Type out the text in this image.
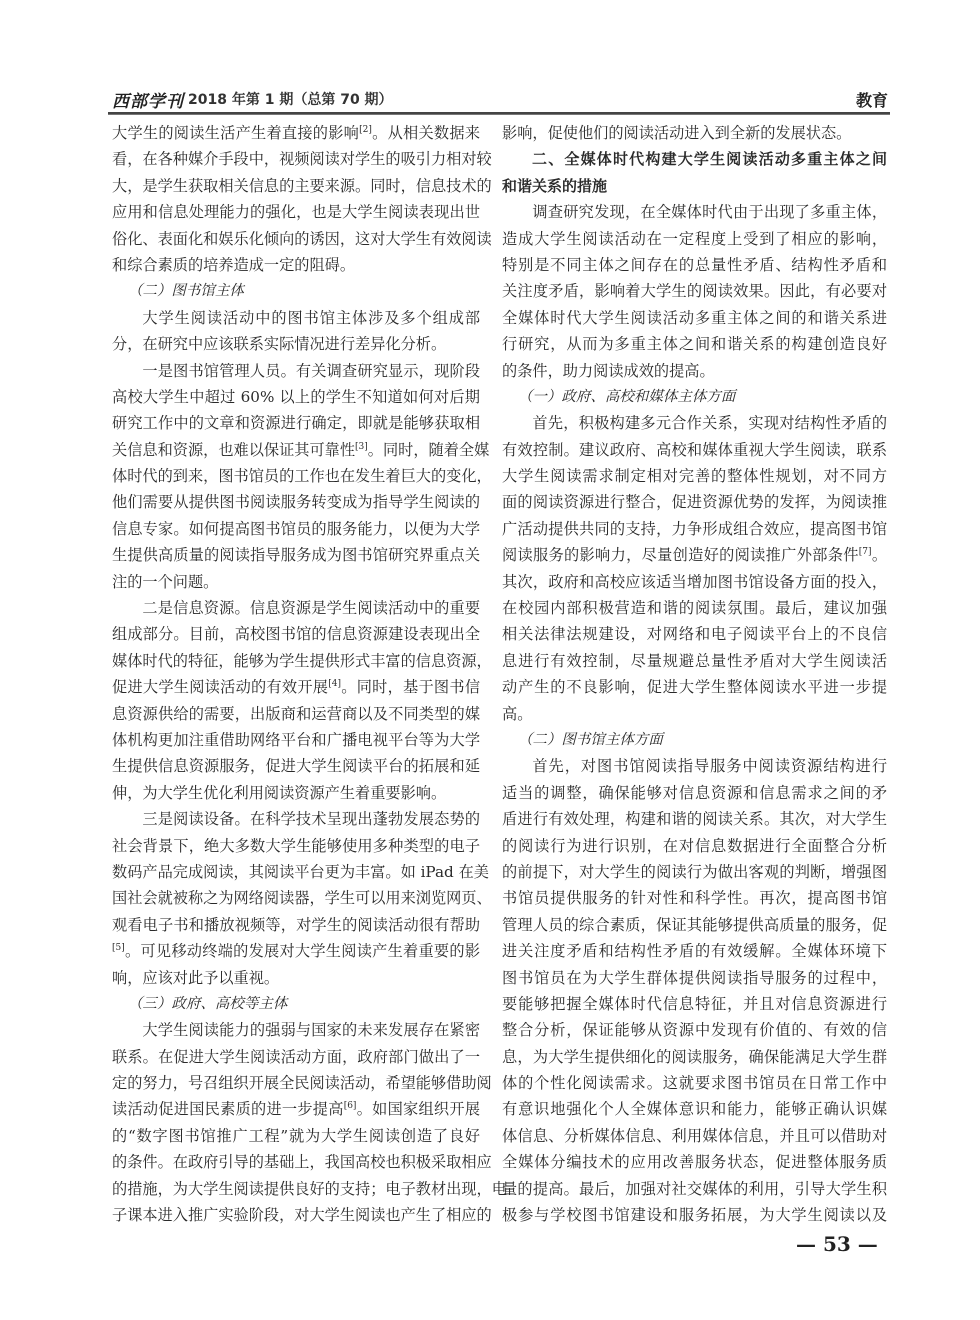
西部学刊 2018 年第 1 期（总第 70 期）	教育
大学生的阅读生活产生着直接的影响[2]。从相关数据来
看，在各种媒介手段中，视频阅读对学生的吸引力相对较
大，是学生获取相关信息的主要来源。同时，信息技术的
应用和信息处理能力的强化，也是大学生阅读表现出世
俗化、表面化和娱乐化倾向的诱因，这对大学生有效阅读
和综合素质的培养造成一定的阻碍。
（二）图书馆主体
大学生阅读活动中的图书馆主体涉及多个组成部
分，在研究中应该联系实际情况进行差异化分析。
一是图书馆管理人员。有关调查研究显示，现阶段
高校大学生中超过 60% 以上的学生不知道如何对后期
研究工作中的文章和资源进行确定，即就是能够获取相
关信息和资源，也难以保证其可靠性[3]。同时，随着全媒
体时代的到来，图书馆员的工作也在发生着巨大的变化，
他们需要从提供图书阅读服务转变成为指导学生阅读的
信息专家。如何提高图书馆员的服务能力，以便为大学
生提供高质量的阅读指导服务成为图书馆研究界重点关
注的一个问题。
二是信息资源。信息资源是学生阅读活动中的重要
组成部分。目前，高校图书馆的信息资源建设表现出全
媒体时代的特征，能够为学生提供形式丰富的信息资源，
促进大学生阅读活动的有效开展[4]。同时，基于图书信
息资源供给的需要，出版商和运营商以及不同类型的媒
体机构更加注重借助网络平台和广播电视平台等为大学
生提供信息资源服务，促进大学生阅读平台的拓展和延
伸，为大学生优化利用阅读资源产生着重要影响。
三是阅读设备。在科学技术呈现出蓬勃发展态势的
社会背景下，绝大多数大学生能够使用多种类型的电子
数码产品完成阅读，其阅读平台更为丰富。如 iPad 在美
国社会就被称之为网络阅读器，学生可以用来浏览网页、
观看电子书和播放视频等，对学生的阅读活动很有帮助
[5]。可见移动终端的发展对大学生阅读产生着重要的影
响，应该对此予以重视。
（三）政府、高校等主体
大学生阅读能力的强弱与国家的未来发展存在紧密
联系。在促进大学生阅读活动方面，政府部门做出了一
定的努力，号召组织开展全民阅读活动，希望能够借助阅
读活动促进国民素质的进一步提高[6]。如国家组织开展
的“数字图书馆推广工程”就为大学生阅读创造了良好
的条件。在政府引导的基础上，我国高校也积极采取相应
的措施，为大学生阅读提供良好的支持；电子教材出现，电
子课本进入推广实验阶段，对大学生阅读也产生了相应的
影响，促使他们的阅读活动进入到全新的发展状态。
二、全媒体时代构建大学生阅读活动多重主体之间
和谐关系的措施
调查研究发现，在全媒体时代由于出现了多重主体，
造成大学生阅读活动在一定程度上受到了相应的影响，
特别是不同主体之间存在的总量性矛盾、结构性矛盾和
关注度矛盾，影响着大学生的阅读效果。因此，有必要对
全媒体时代大学生阅读活动多重主体之间的和谐关系进
行研究，从而为多重主体之间和谐关系的构建创造良好
的条件，助力阅读成效的提高。
（一）政府、高校和媒体主体方面
首先，积极构建多元合作关系，实现对结构性矛盾的
有效控制。建议政府、高校和媒体重视大学生阅读，联系
大学生阅读需求制定相对完善的整体性规划，对不同方
面的阅读资源进行整合，促进资源优势的发挥，为阅读推
广活动提供共同的支持，力争形成组合效应，提高图书馆
阅读服务的影响力，尽量创造好的阅读推广外部条件[7]。
其次，政府和高校应该适当增加图书馆设备方面的投入，
在校园内部积极营造和谐的阅读氛围。最后，建议加强
相关法律法规建设，对网络和电子阅读平台上的不良信
息进行有效控制，尽量规避总量性矛盾对大学生阅读活
动产生的不良影响，促进大学生整体阅读水平进一步提
高。
（二）图书馆主体方面
首先，对图书馆阅读指导服务中阅读资源结构进行
适当的调整，确保能够对信息资源和信息需求之间的矛
盾进行有效处理，构建和谐的阅读关系。其次，对大学生
的阅读行为进行识别，在对信息数据进行全面整合分析
的前提下，对大学生的阅读行为做出客观的判断，增强图
书馆员提供服务的针对性和科学性。再次，提高图书馆
管理人员的综合素质，保证其能够提供高质量的服务，促
进关注度矛盾和结构性矛盾的有效缓解。全媒体环境下
图书馆员在为大学生群体提供阅读指导服务的过程中，
要能够把握全媒体时代信息特征，并且对信息资源进行
整合分析，保证能够从资源中发现有价值的、有效的信
息，为大学生提供细化的阅读服务，确保能满足大学生群
体的个性化阅读需求。这就要求图书馆员在日常工作中
有意识地强化个人全媒体意识和能力，能够正确认识媒
体信息、分析媒体信息、利用媒体信息，并且可以借助对
全媒体分编技术的应用改善服务状态，促进整体服务质
量的提高。最后，加强对社交媒体的利用，引导大学生积
极参与学校图书馆建设和服务拓展，为大学生阅读以及
— 53 —
